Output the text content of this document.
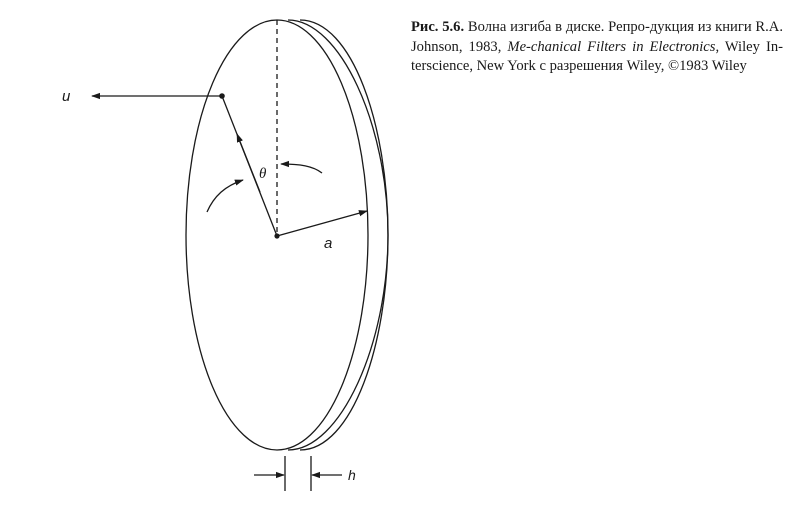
u
θ
a
h
Рис. 5.6. Волна изгиба в диске. Репро-дукция из книги R.A. Johnson, 1983, Me-chanical Filters in Electronics, Wiley In-terscience, New York с разрешения Wiley, ©1983 Wiley
